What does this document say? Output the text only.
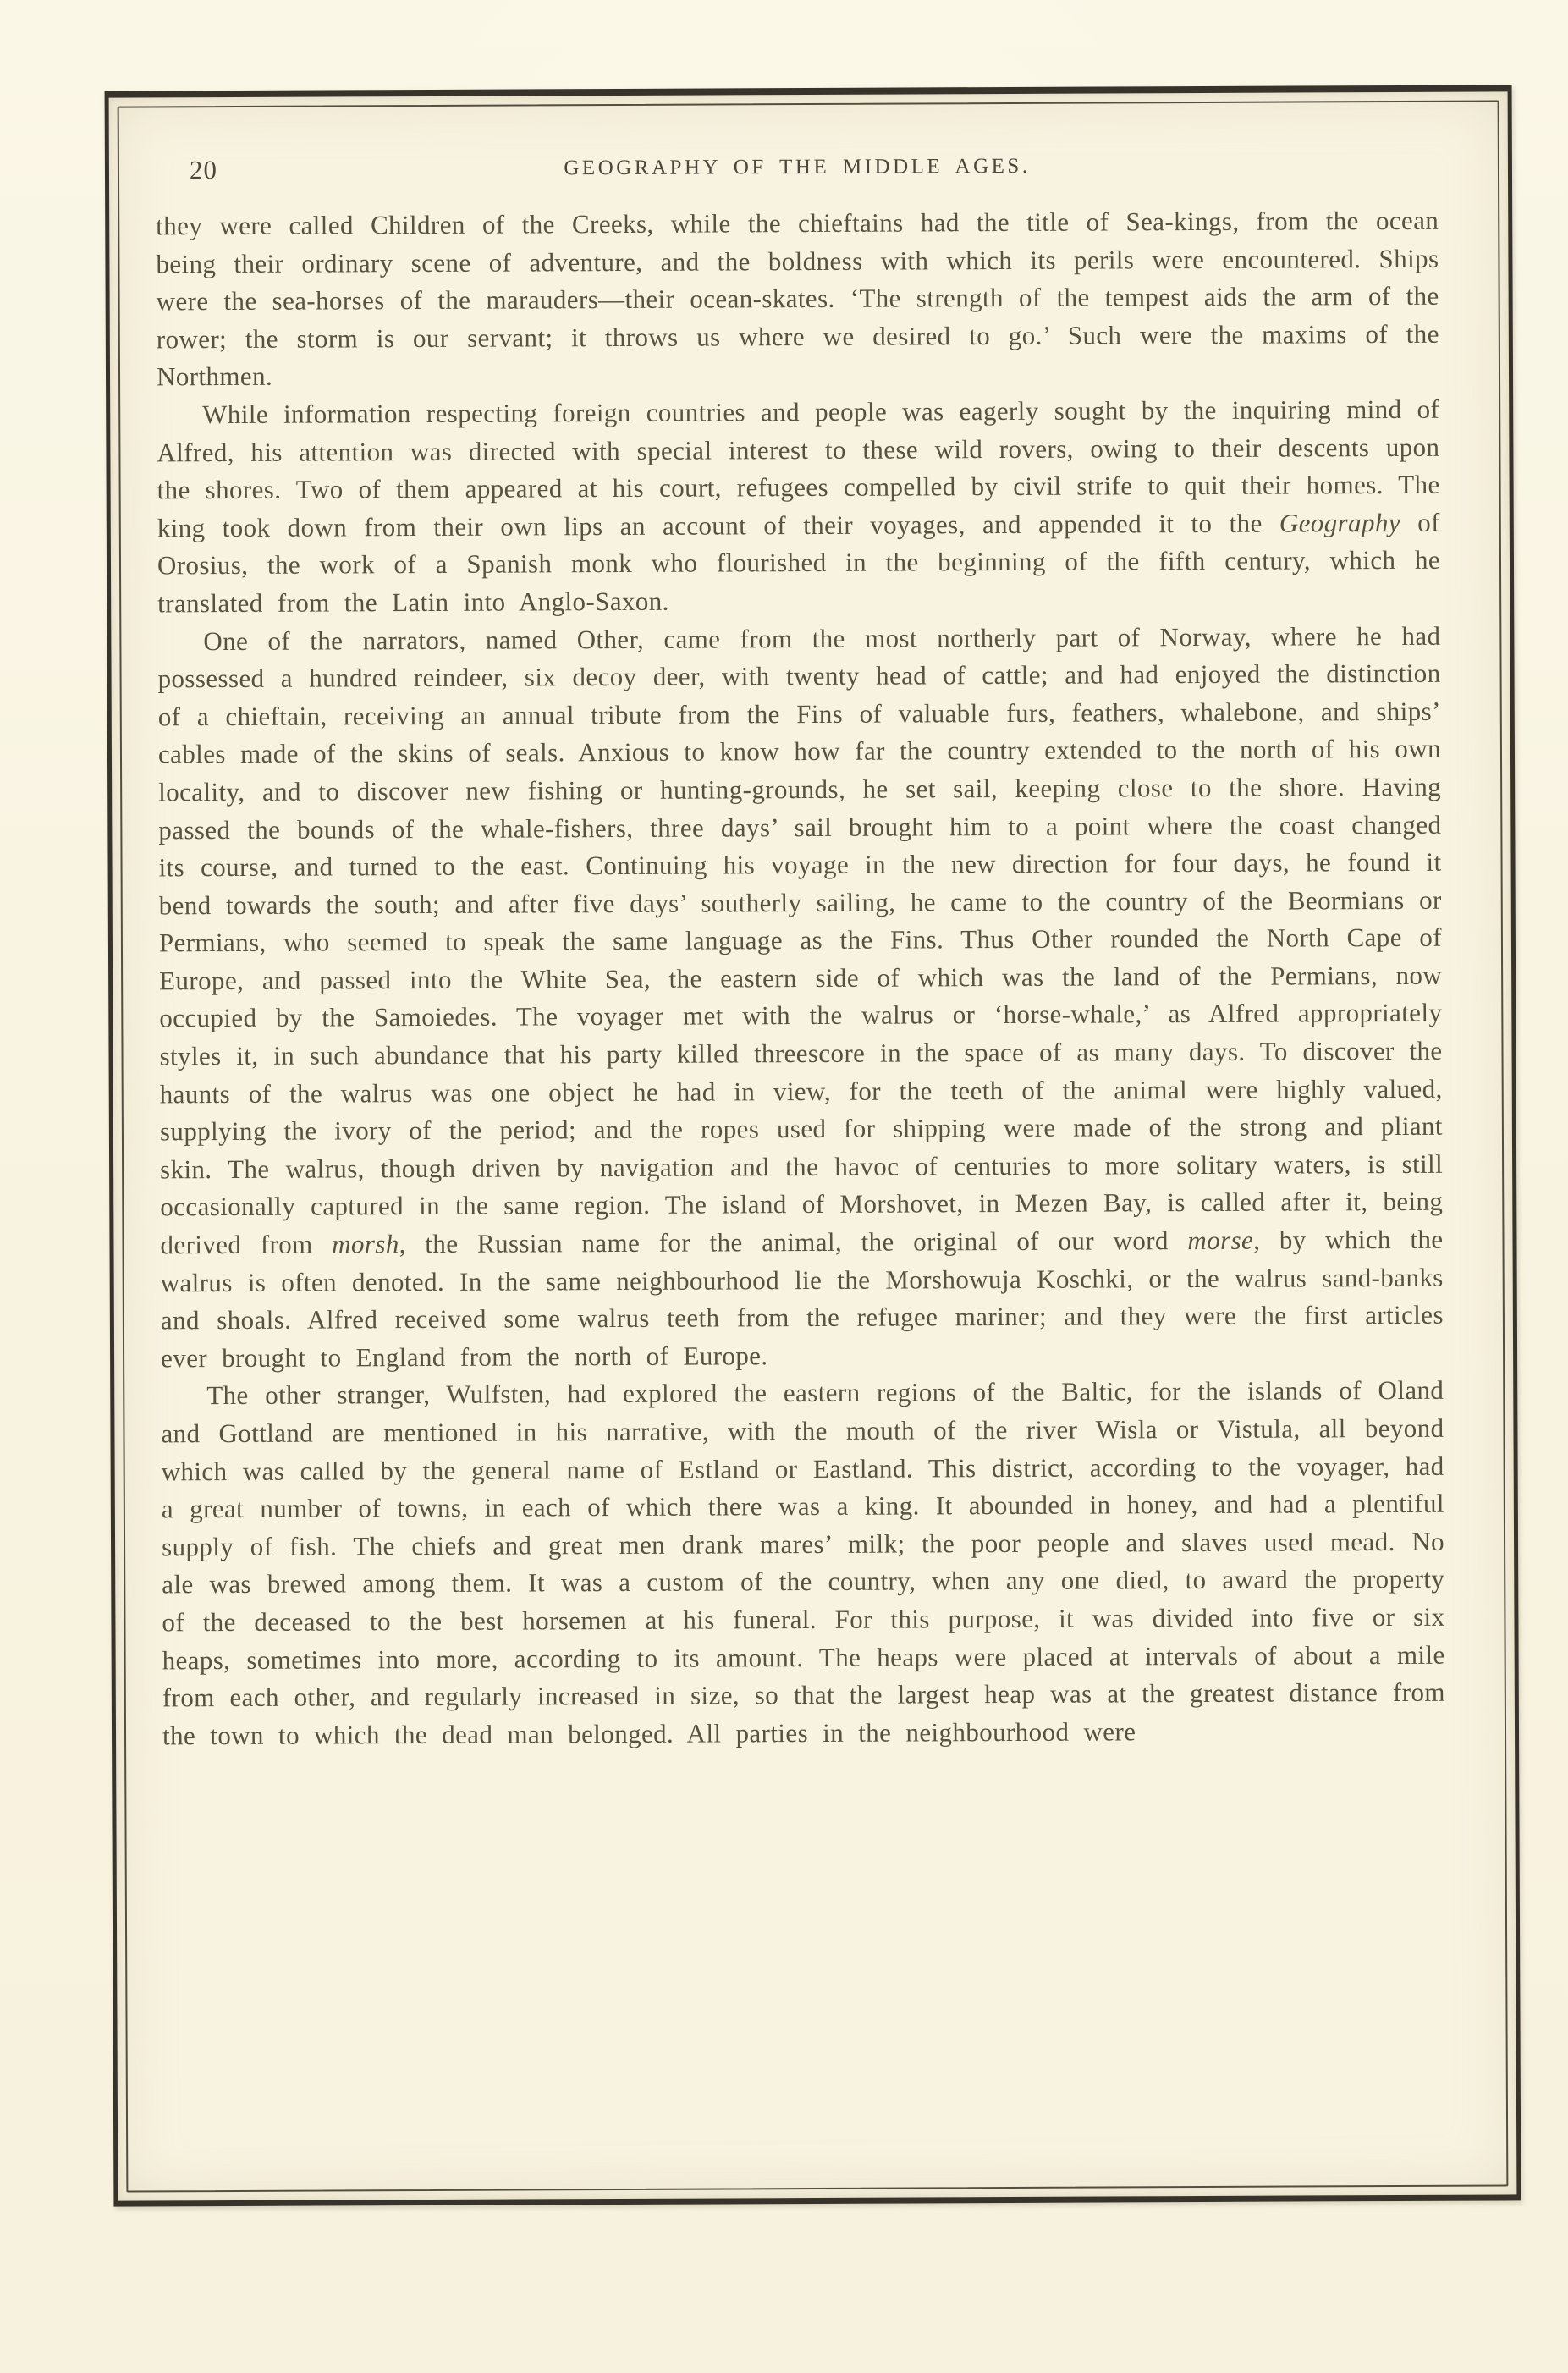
20	GEOGRAPHY OF THE MIDDLE AGES.

they were called Children of the Creeks, while the chieftains had the title of Sea-kings, from the ocean being their ordinary scene of adventure, and the boldness with which its perils were encountered. Ships were the sea-horses of the marauders—their ocean-skates. ‘The strength of the tempest aids the arm of the rower; the storm is our servant; it throws us where we desired to go.’ Such were the maxims of the Northmen.

While information respecting foreign countries and people was eagerly sought by the inquiring mind of Alfred, his attention was directed with special interest to these wild rovers, owing to their descents upon the shores. Two of them appeared at his court, refugees compelled by civil strife to quit their homes. The king took down from their own lips an account of their voyages, and appended it to the Geography of Orosius, the work of a Spanish monk who flourished in the beginning of the fifth century, which he translated from the Latin into Anglo-Saxon.

One of the narrators, named Other, came from the most northerly part of Norway, where he had possessed a hundred reindeer, six decoy deer, with twenty head of cattle; and had enjoyed the distinction of a chieftain, receiving an annual tribute from the Fins of valuable furs, feathers, whalebone, and ships’ cables made of the skins of seals. Anxious to know how far the country extended to the north of his own locality, and to discover new fishing or hunting-grounds, he set sail, keeping close to the shore. Having passed the bounds of the whale-fishers, three days’ sail brought him to a point where the coast changed its course, and turned to the east. Continuing his voyage in the new direction for four days, he found it bend towards the south; and after five days’ southerly sailing, he came to the country of the Beormians or Permians, who seemed to speak the same language as the Fins. Thus Other rounded the North Cape of Europe, and passed into the White Sea, the eastern side of which was the land of the Permians, now occupied by the Samoiedes. The voyager met with the walrus or ‘horse-whale,’ as Alfred appropriately styles it, in such abundance that his party killed threescore in the space of as many days. To discover the haunts of the walrus was one object he had in view, for the teeth of the animal were highly valued, supplying the ivory of the period; and the ropes used for shipping were made of the strong and pliant skin. The walrus, though driven by navigation and the havoc of centuries to more solitary waters, is still occasionally captured in the same region. The island of Morshovet, in Mezen Bay, is called after it, being derived from morsh, the Russian name for the animal, the original of our word morse, by which the walrus is often denoted. In the same neighbourhood lie the Morshowuja Koschki, or the walrus sand-banks and shoals. Alfred received some walrus teeth from the refugee mariner; and they were the first articles ever brought to England from the north of Europe.

The other stranger, Wulfsten, had explored the eastern regions of the Baltic, for the islands of Oland and Gottland are mentioned in his narrative, with the mouth of the river Wisla or Vistula, all beyond which was called by the general name of Estland or Eastland. This district, according to the voyager, had a great number of towns, in each of which there was a king. It abounded in honey, and had a plentiful supply of fish. The chiefs and great men drank mares’ milk; the poor people and slaves used mead. No ale was brewed among them. It was a custom of the country, when any one died, to award the property of the deceased to the best horsemen at his funeral. For this purpose, it was divided into five or six heaps, sometimes into more, according to its amount. The heaps were placed at intervals of about a mile from each other, and regularly increased in size, so that the largest heap was at the greatest distance from the town to which the dead man belonged. All parties in the neighbourhood were
